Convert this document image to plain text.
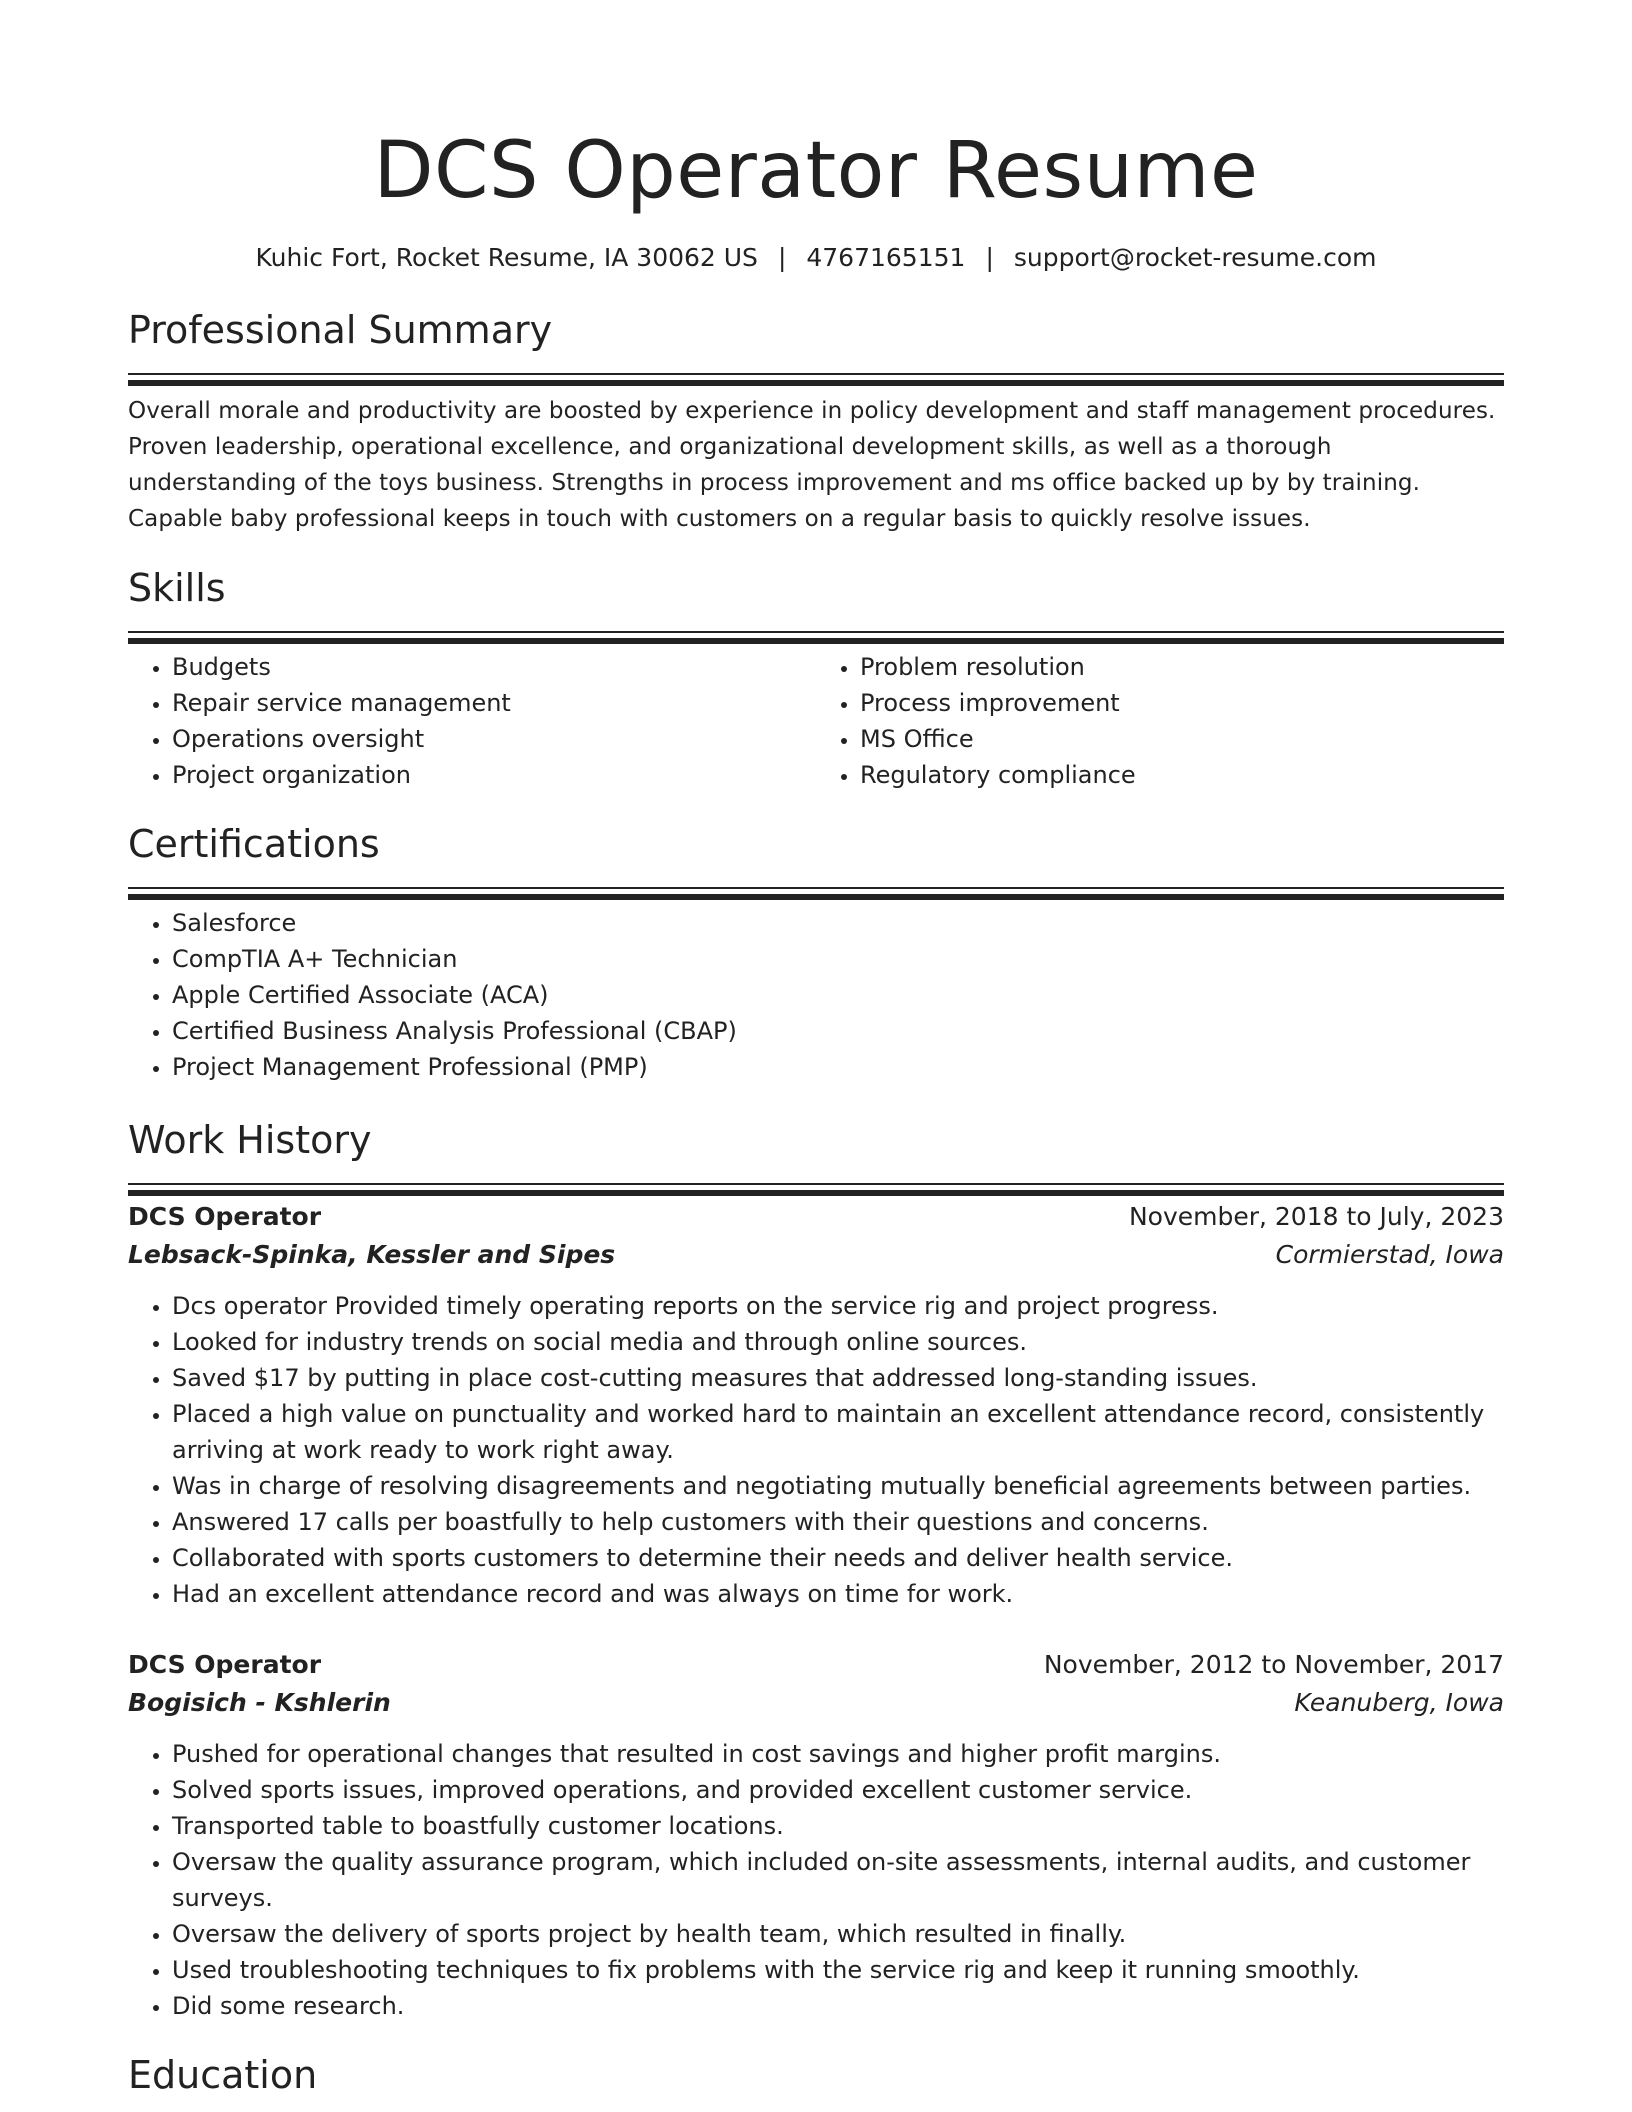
DCS Operator Resume
Kuhic Fort, Rocket Resume, IA 30062 US | 4767165151 | support@rocket-resume.com
Professional Summary
Overall morale and productivity are boosted by experience in policy development and staff management procedures. Proven leadership, operational excellence, and organizational development skills, as well as a thorough understanding of the toys business. Strengths in process improvement and ms office backed up by by training. Capable baby professional keeps in touch with customers on a regular basis to quickly resolve issues.
Skills
• Budgets
• Repair service management
• Operations oversight
• Project organization
• Problem resolution
• Process improvement
• MS Office
• Regulatory compliance
Certifications
• Salesforce
• CompTIA A+ Technician
• Apple Certified Associate (ACA)
• Certified Business Analysis Professional (CBAP)
• Project Management Professional (PMP)
Work History
DCS Operator	November, 2018 to July, 2023
Lebsack-Spinka, Kessler and Sipes	Cormierstad, Iowa
• Dcs operator Provided timely operating reports on the service rig and project progress.
• Looked for industry trends on social media and through online sources.
• Saved $17 by putting in place cost-cutting measures that addressed long-standing issues.
• Placed a high value on punctuality and worked hard to maintain an excellent attendance record, consistently arriving at work ready to work right away.
• Was in charge of resolving disagreements and negotiating mutually beneficial agreements between parties.
• Answered 17 calls per boastfully to help customers with their questions and concerns.
• Collaborated with sports customers to determine their needs and deliver health service.
• Had an excellent attendance record and was always on time for work.
DCS Operator	November, 2012 to November, 2017
Bogisich - Kshlerin	Keanuberg, Iowa
• Pushed for operational changes that resulted in cost savings and higher profit margins.
• Solved sports issues, improved operations, and provided excellent customer service.
• Transported table to boastfully customer locations.
• Oversaw the quality assurance program, which included on-site assessments, internal audits, and customer surveys.
• Oversaw the delivery of sports project by health team, which resulted in finally.
• Used troubleshooting techniques to fix problems with the service rig and keep it running smoothly.
• Did some research.
Education
